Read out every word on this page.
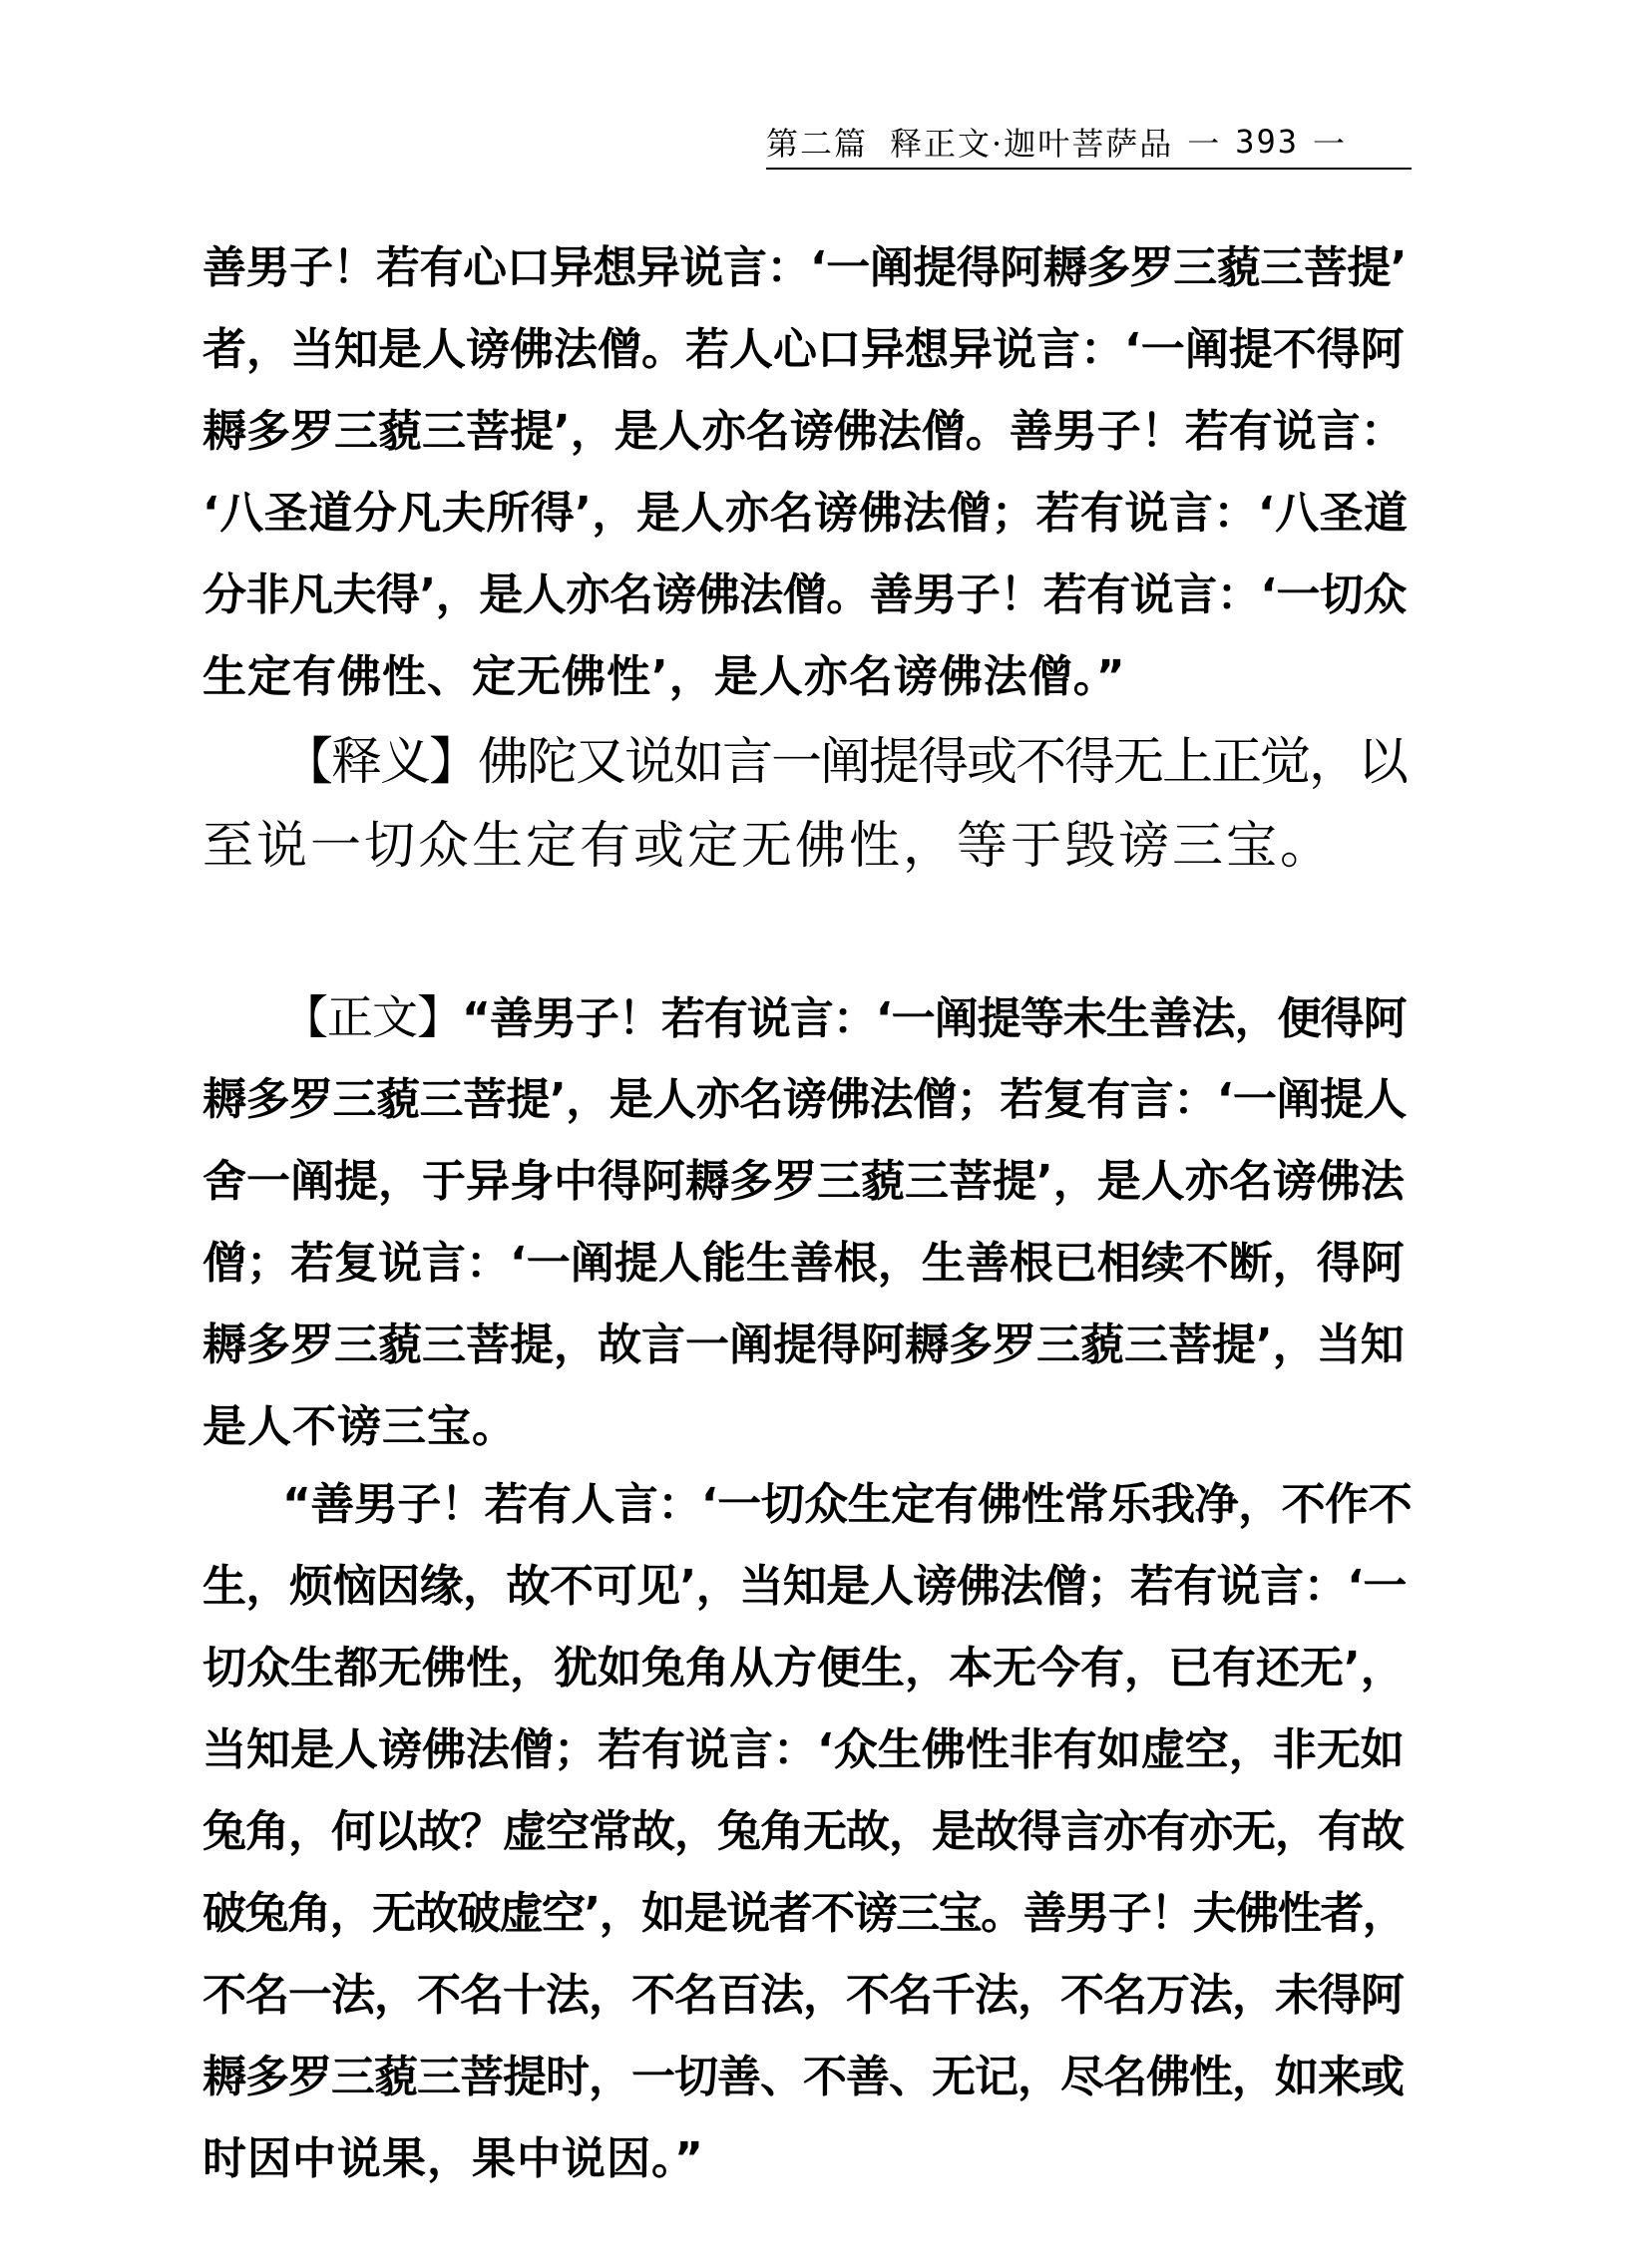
第二篇 释正文·迦叶菩萨品 一 393 一
善男子！若有心口异想异说言：‘一阐提得阿耨多罗三藐三菩提’
者，当知是人谤佛法僧。若人心口异想异说言：‘一阐提不得阿
耨多罗三藐三菩提’，是人亦名谤佛法僧。善男子！若有说言：
‘八圣道分凡夫所得’，是人亦名谤佛法僧；若有说言：‘八圣道
分非凡夫得’，是人亦名谤佛法僧。善男子！若有说言：‘一切众
生定有佛性、定无佛性’，是人亦名谤佛法僧。”
【释义】佛陀又说如言一阐提得或不得无上正觉，以
至说一切众生定有或定无佛性，等于毁谤三宝。
【正文】“善男子！若有说言：‘一阐提等未生善法，便得阿
耨多罗三藐三菩提’，是人亦名谤佛法僧；若复有言：‘一阐提人
舍一阐提，于异身中得阿耨多罗三藐三菩提’，是人亦名谤佛法
僧；若复说言：‘一阐提人能生善根，生善根已相续不断，得阿
耨多罗三藐三菩提，故言一阐提得阿耨多罗三藐三菩提’，当知
是人不谤三宝。
“善男子！若有人言：‘一切众生定有佛性常乐我净，不作不
生，烦恼因缘，故不可见’，当知是人谤佛法僧；若有说言：‘一
切众生都无佛性，犹如兔角从方便生，本无今有，已有还无’，
当知是人谤佛法僧；若有说言：‘众生佛性非有如虚空，非无如
兔角，何以故？虚空常故，兔角无故，是故得言亦有亦无，有故
破兔角，无故破虚空’，如是说者不谤三宝。善男子！夫佛性者，
不名一法，不名十法，不名百法，不名千法，不名万法，未得阿
耨多罗三藐三菩提时，一切善、不善、无记，尽名佛性，如来或
时因中说果，果中说因。”
